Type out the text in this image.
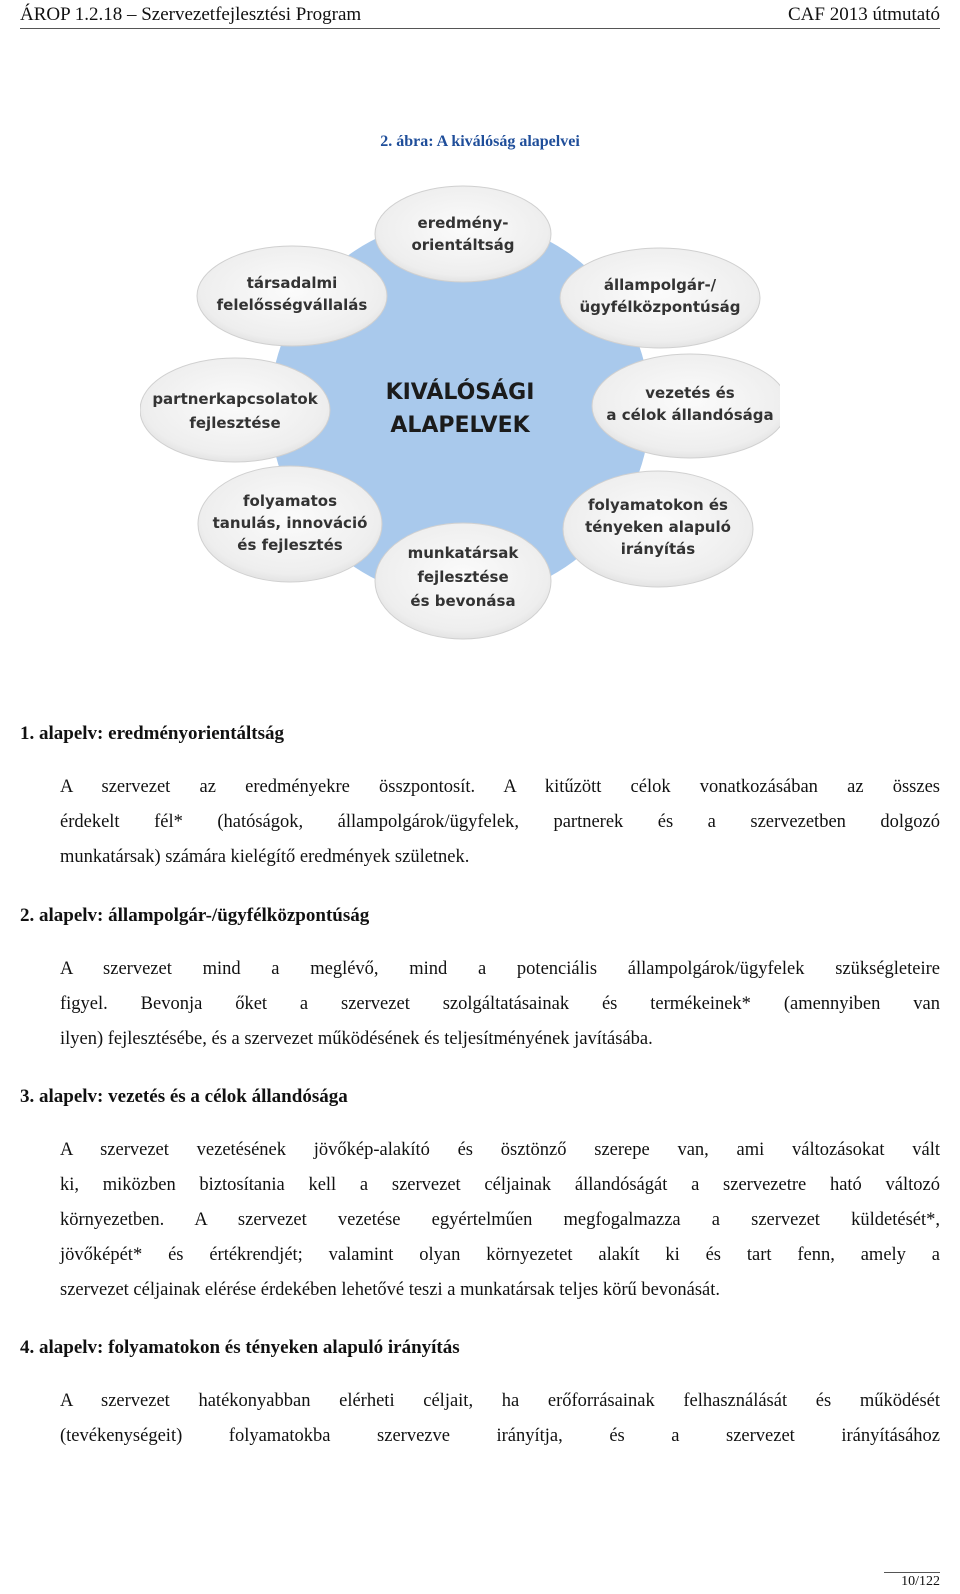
ÁROP 1.2.18 – Szervezetfejlesztési Program	CAF 2013 útmutató
2. ábra: A kiválóság alapelvei
KIVÁLÓSÁGI
ALAPELVEK
eredmény-
orientáltság
állampolgár-/
ügyfélközpontúság
vezetés és
a célok állandósága
folyamatokon és
tényeken alapuló
irányítás
munkatársak
fejlesztése
és bevonása
folyamatos
tanulás, innováció
és fejlesztés
partnerkapcsolatok
fejlesztése
társadalmi
felelősségvállalás
1. alapelv: eredményorientáltság
A szervezet az eredményekre összpontosít. A kitűzött célok vonatkozásában az összes
érdekelt fél* (hatóságok, állampolgárok/ügyfelek, partnerek és a szervezetben dolgozó
munkatársak) számára kielégítő eredmények születnek.
2. alapelv: állampolgár-/ügyfélközpontúság
A szervezet mind a meglévő, mind a potenciális állampolgárok/ügyfelek szükségleteire
figyel. Bevonja őket a szervezet szolgáltatásainak és termékeinek* (amennyiben van
ilyen) fejlesztésébe, és a szervezet működésének és teljesítményének javításába.
3. alapelv: vezetés és a célok állandósága
A szervezet vezetésének jövőkép-alakító és ösztönző szerepe van, ami változásokat vált
ki, miközben biztosítania kell a szervezet céljainak állandóságát a szervezetre ható változó
környezetben. A szervezet vezetése egyértelműen megfogalmazza a szervezet küldetését*,
jövőképét* és értékrendjét; valamint olyan környezetet alakít ki és tart fenn, amely a
szervezet céljainak elérése érdekében lehetővé teszi a munkatársak teljes körű bevonását.
4. alapelv: folyamatokon és tényeken alapuló irányítás
A szervezet hatékonyabban elérheti céljait, ha erőforrásainak felhasználását és működését
(tevékenységeit) folyamatokba szervezve irányítja, és a szervezet irányításához
10/122
